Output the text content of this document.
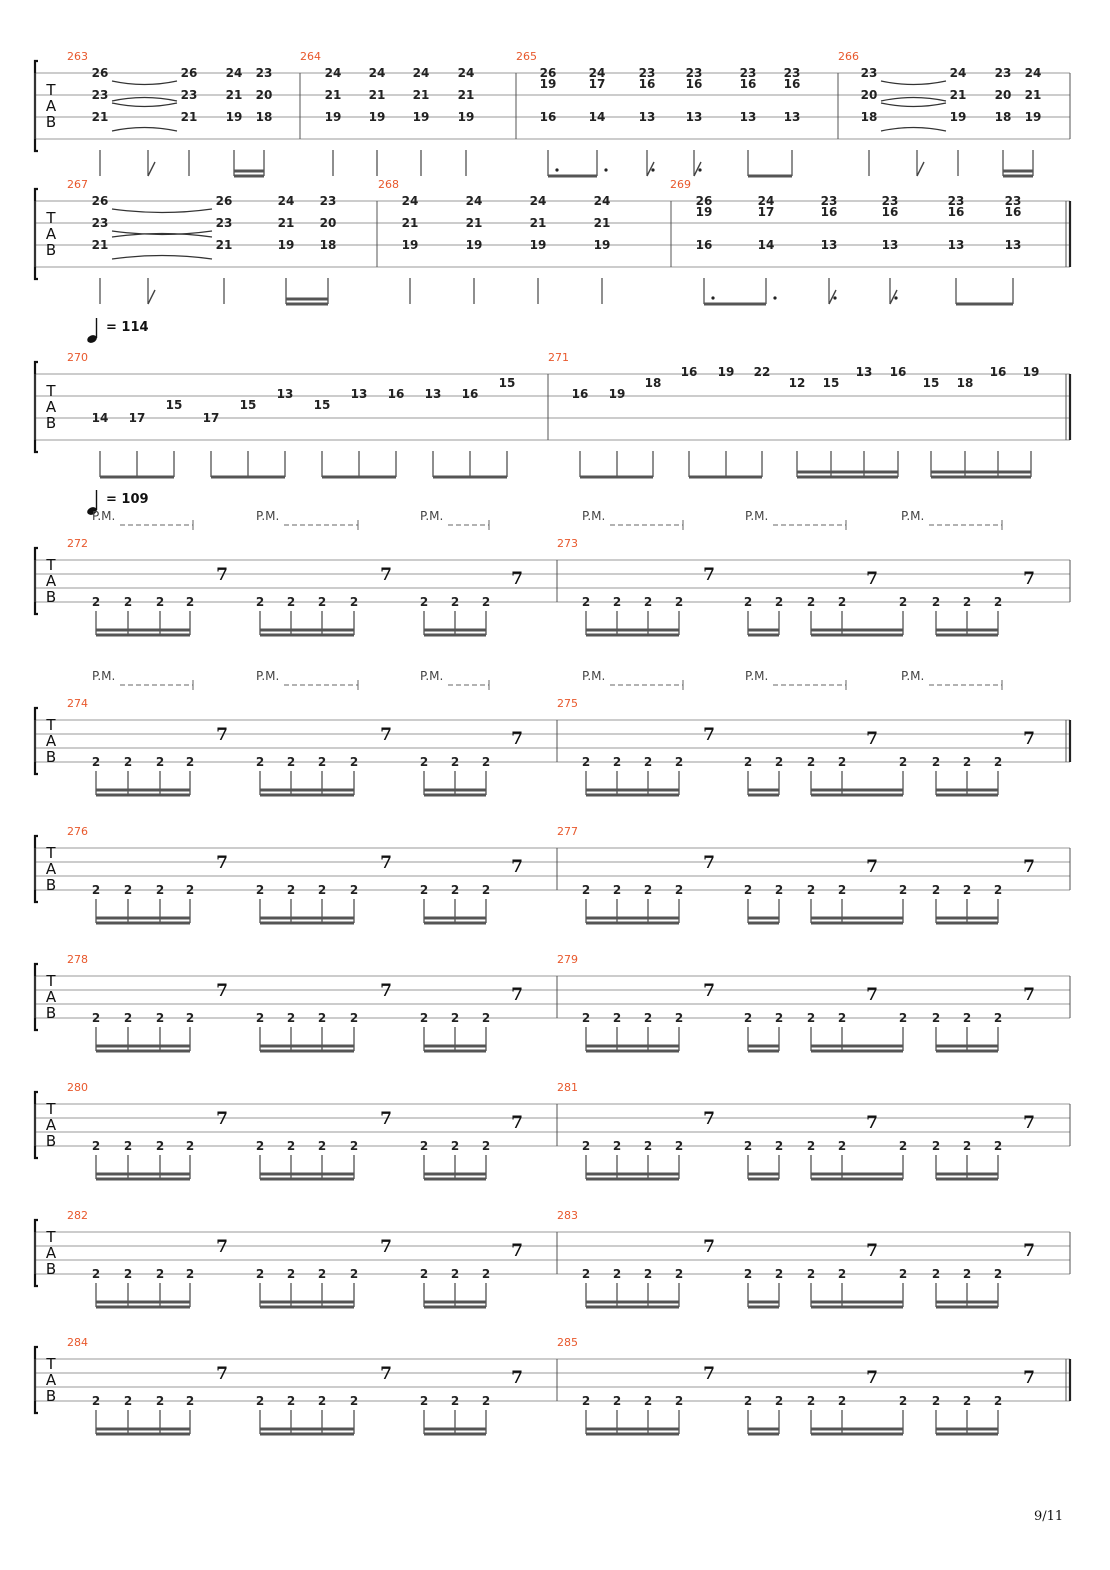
T
A
B
263
26
23
21
26
23
21
24
21
19
23
20
18
264
24
21
19
24
21
19
24
21
19
24
21
19
265
26
19
16
24
17
14
23
16
13
23
16
13
23
16
13
23
16
13
266
23
20
18
24
21
19
23
20
18
24
21
19
T
A
B
267
26
23
21
26
23
21
24
21
19
23
20
18
268
24
21
19
24
21
19
24
21
19
24
21
19
269
26
19
16
24
17
14
23
16
13
23
16
13
23
16
13
23
16
13
= 114
T
A
B
270	271
14 17
15
17
15
13
15
13 16 13 16
15
16 19
18
16 19 22
12 15
13 16
15 18
16 19
= 109
P.M.	P.M.	P.M.	P.M.	P.M.	P.M.
P.M.	P.M.	P.M.	P.M.	P.M.	P.M.
T
A
B
272	273
2 2 2 2	2 2 2 2	2 2 2	2 2 2 2	2 2 2 2	2 2 2 2
7	7	7	7	7	7
T
A
B
274	275
2 2 2 2	2 2 2 2	2 2 2	2 2 2 2	2 2 2 2	2 2 2 2
7	7	7	7	7	7
T
A
B
276	277
2 2 2 2	2 2 2 2	2 2 2	2 2 2 2	2 2 2 2	2 2 2 2
7	7	7	7	7	7
T
A
B
278	279
2 2 2 2	2 2 2 2	2 2 2	2 2 2 2	2 2 2 2	2 2 2 2
7	7	7	7	7	7
T
A
B
280	281
2 2 2 2	2 2 2 2	2 2 2	2 2 2 2	2 2 2 2	2 2 2 2
7	7	7	7	7	7
T
A
B
282	283
2 2 2 2	2 2 2 2	2 2 2	2 2 2 2	2 2 2 2	2 2 2 2
7	7	7	7	7	7
T
A
B
284	285
2 2 2 2	2 2 2 2	2 2 2	2 2 2 2	2 2 2 2	2 2 2 2
7	7	7	7	7	7
9/11
